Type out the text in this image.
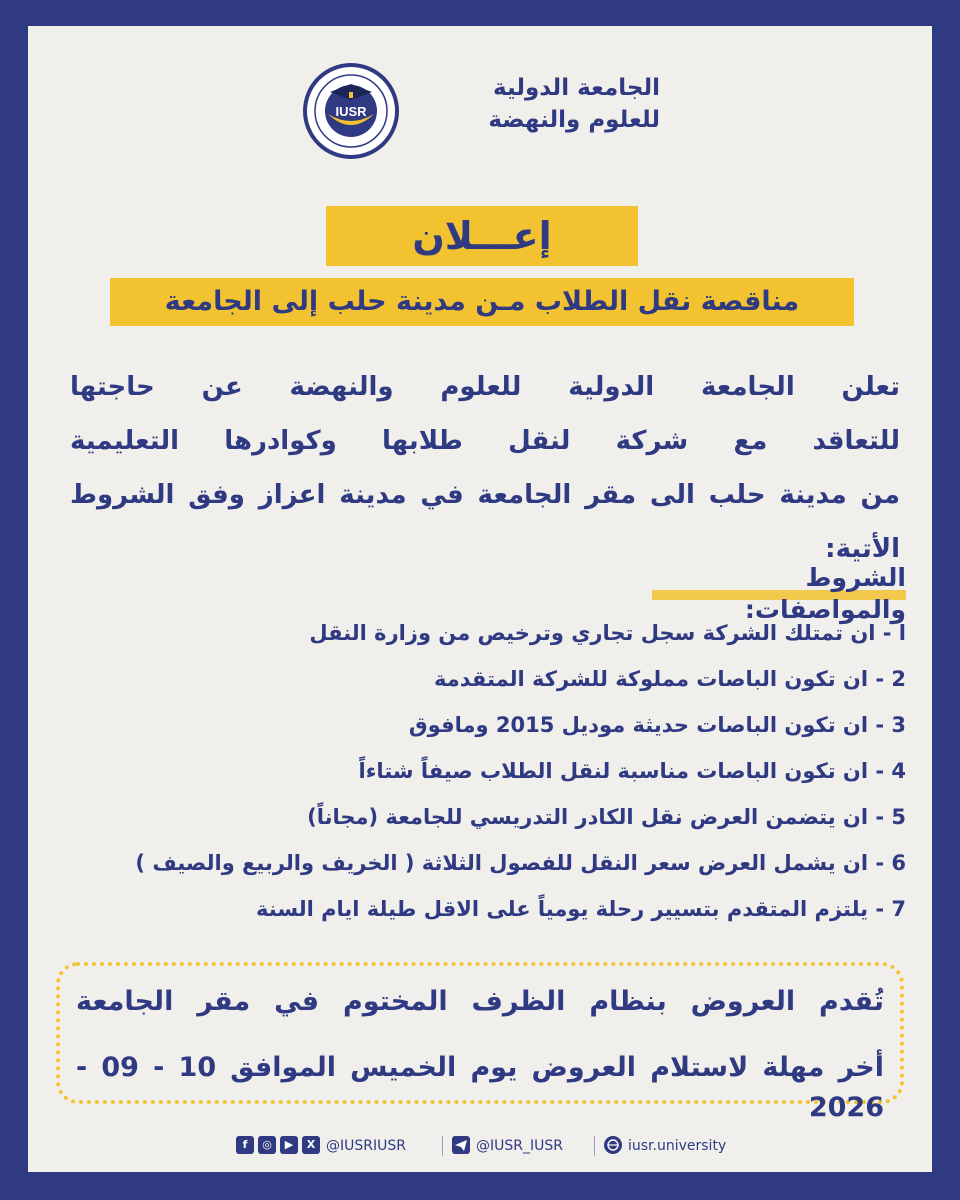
IUSR
الجامعة الدولية
للعلوم والنهضة
إعـــلان
مناقصة نقل الطلاب مـن مدينة حلب إلى الجامعة
تعلن الجامعة الدولية للعلوم والنهضة عن حاجتها
للتعاقد مع شركة لنقل طلابها وكوادرها التعليمية
من مدينة حلب الى مقر الجامعة في مدينة اعزاز وفق الشروط الأتية:
الشروط والمواصفات:
ا - ان تمتلك الشركة سجل تجاري وترخيص من وزارة النقل
2 - ان تكون الباصات مملوكة للشركة المتقدمة
3 - ان تكون الباصات حديثة موديل 2015 ومافوق
4 - ان تكون الباصات مناسبة لنقل الطلاب صيفاً شتاءاً
5 - ان يتضمن العرض نقل الكادر التدريسي للجامعة (مجاناً)
6 - ان يشمل العرض سعر النقل للفصول الثلاثة ( الخريف والربيع والصيف )
7 - يلتزم المتقدم بتسيير رحلة يومياً على الاقل طيلة ايام السنة
تُقدم العروض بنظام الظرف المختوم في مقر الجامعة
أخر مهلة لاستلام العروض يوم الخميس الموافق 10 - 09 - 2026
f	◎	▶	X @IUSRIUSR	@IUSR_IUSR	iusr.university
